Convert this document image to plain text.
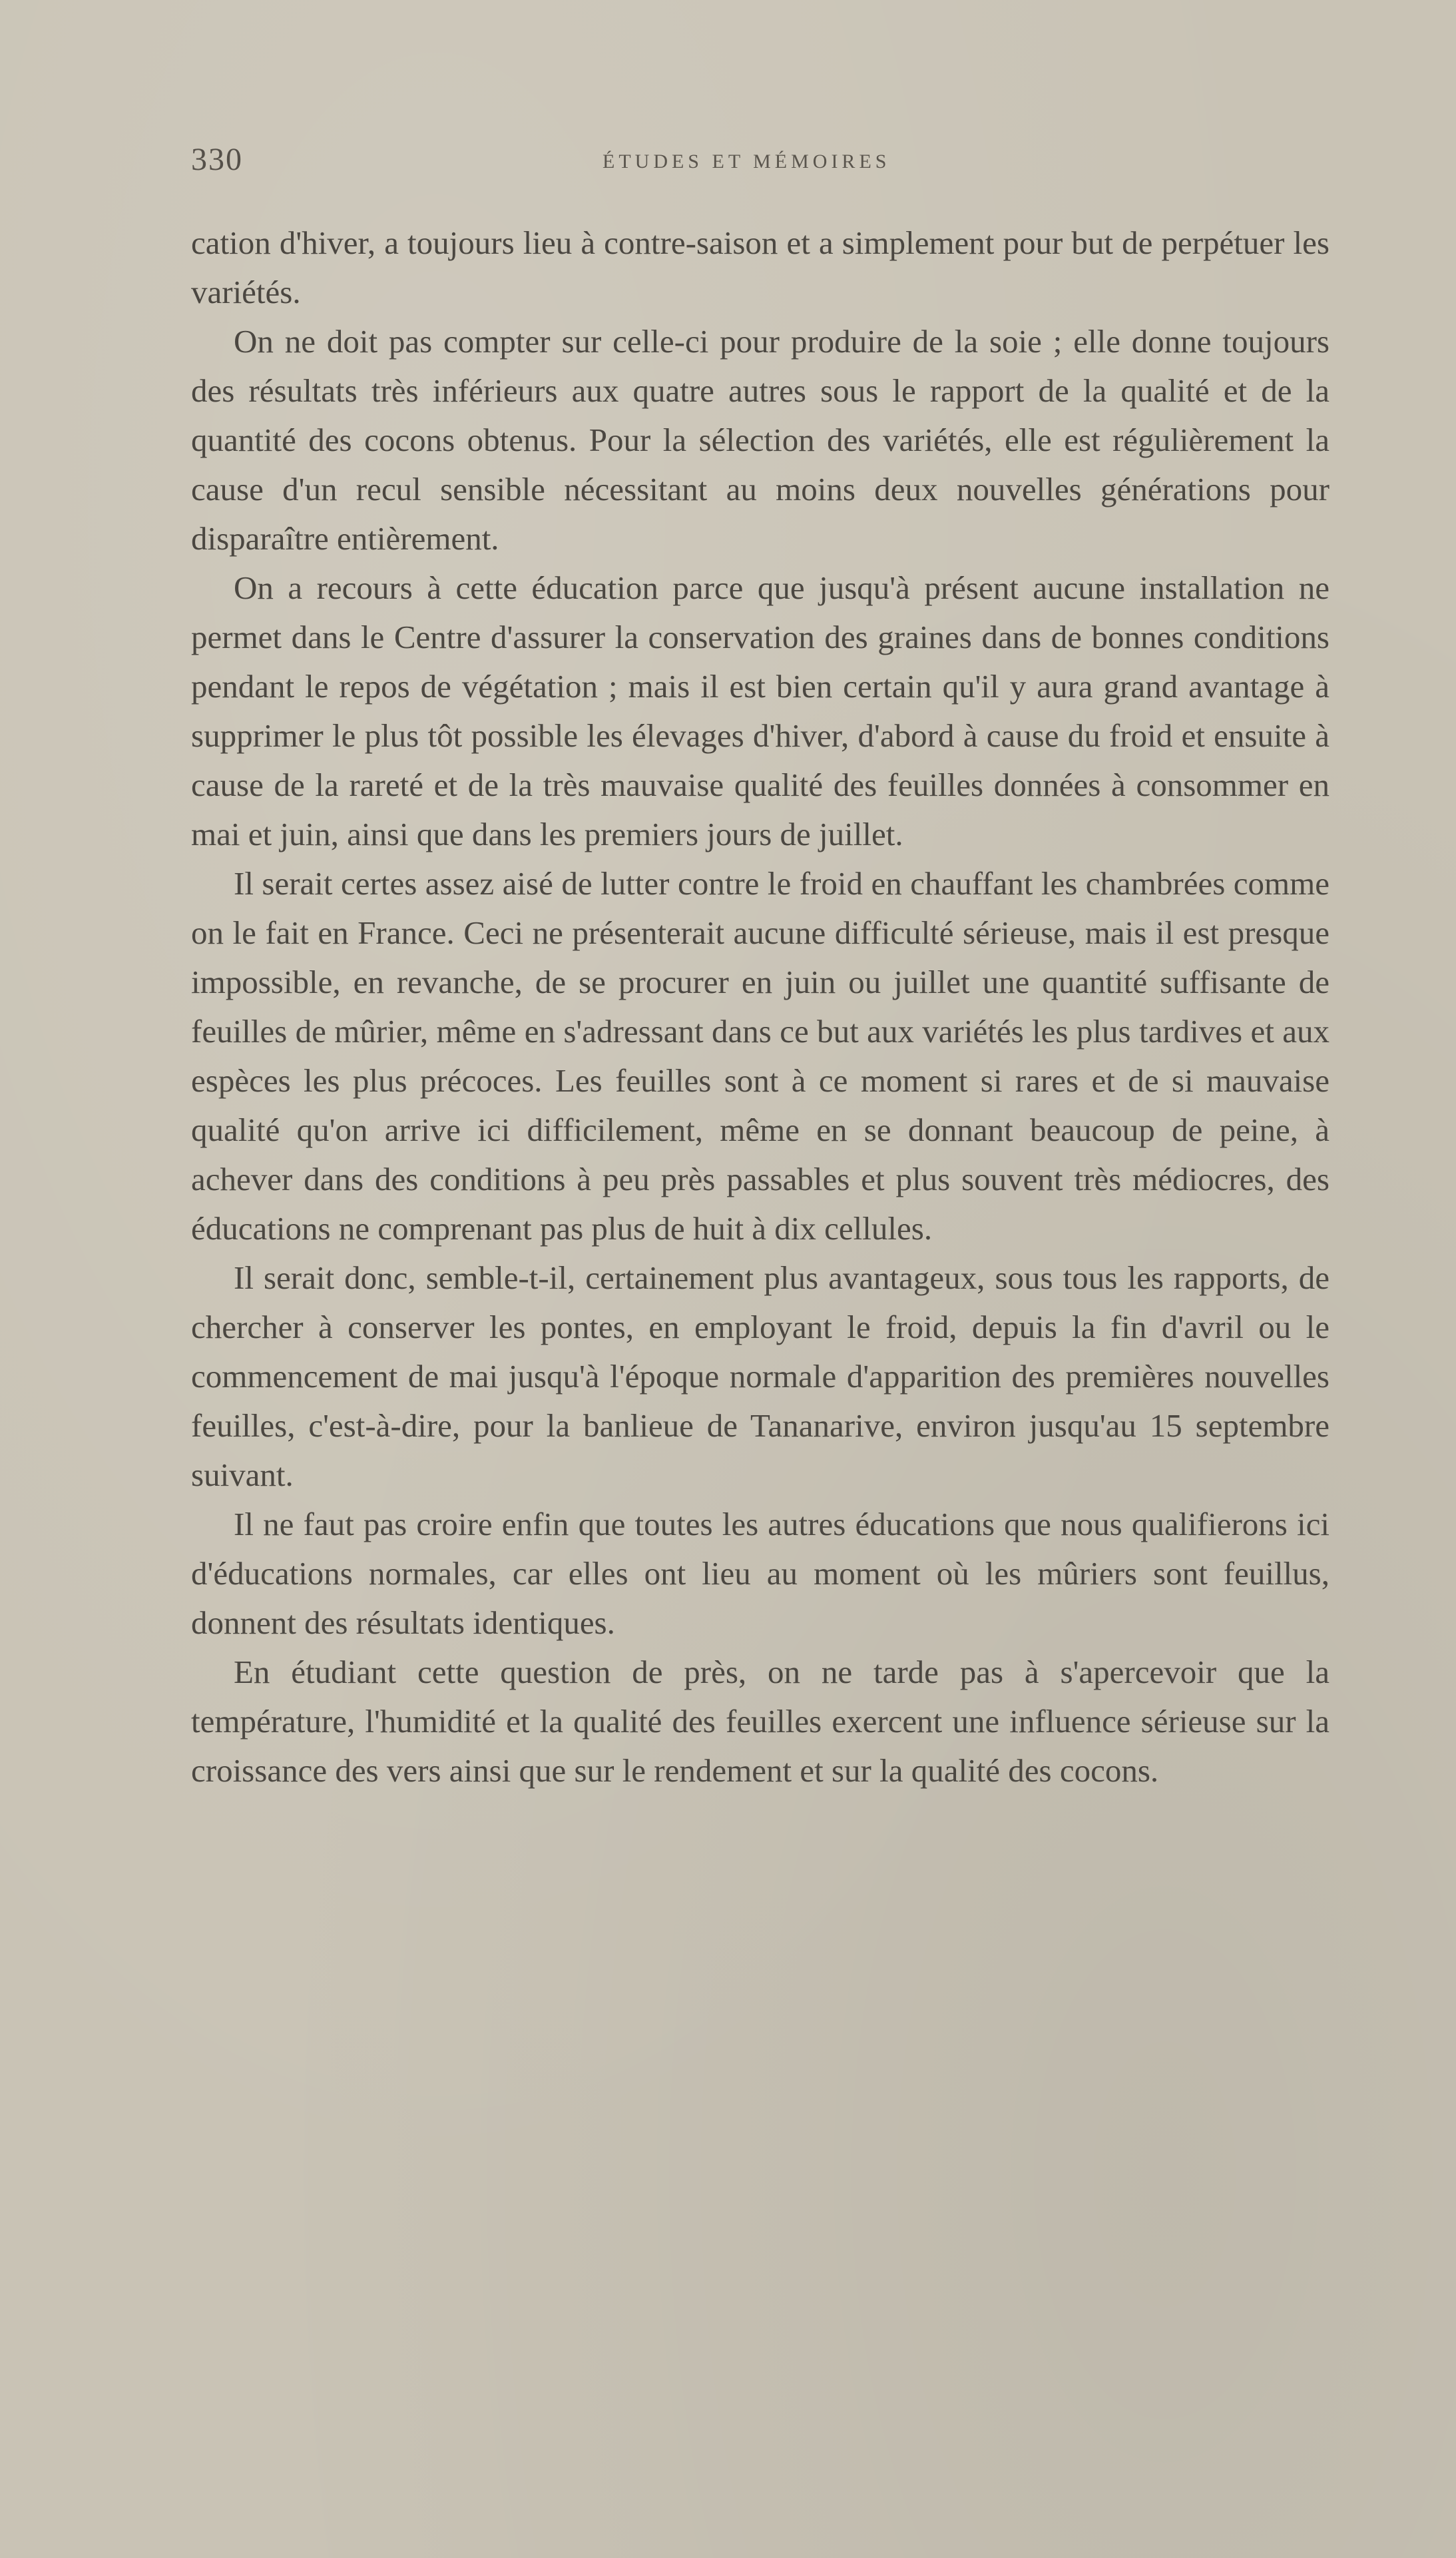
330	ÉTUDES ET MÉMOIRES

cation d'hiver, a toujours lieu à contre-saison et a simplement pour but de perpétuer les variétés.

On ne doit pas compter sur celle-ci pour produire de la soie ; elle donne toujours des résultats très inférieurs aux quatre autres sous le rapport de la qualité et de la quantité des cocons obtenus. Pour la sélection des variétés, elle est régulièrement la cause d'un recul sensible nécessitant au moins deux nouvelles générations pour disparaître entièrement.

On a recours à cette éducation parce que jusqu'à présent aucune installation ne permet dans le Centre d'assurer la conservation des graines dans de bonnes conditions pendant le repos de végétation ; mais il est bien certain qu'il y aura grand avantage à supprimer le plus tôt possible les élevages d'hiver, d'abord à cause du froid et ensuite à cause de la rareté et de la très mauvaise qualité des feuilles données à consommer en mai et juin, ainsi que dans les premiers jours de juillet.

Il serait certes assez aisé de lutter contre le froid en chauffant les chambrées comme on le fait en France. Ceci ne présenterait aucune difficulté sérieuse, mais il est presque impossible, en revanche, de se procurer en juin ou juillet une quantité suffisante de feuilles de mûrier, même en s'adressant dans ce but aux variétés les plus tardives et aux espèces les plus précoces. Les feuilles sont à ce moment si rares et de si mauvaise qualité qu'on arrive ici difficilement, même en se donnant beaucoup de peine, à achever dans des conditions à peu près passables et plus souvent très médiocres, des éducations ne comprenant pas plus de huit à dix cellules.

Il serait donc, semble-t-il, certainement plus avantageux, sous tous les rapports, de chercher à conserver les pontes, en employant le froid, depuis la fin d'avril ou le commencement de mai jusqu'à l'époque normale d'apparition des premières nouvelles feuilles, c'est-à-dire, pour la banlieue de Tananarive, environ jusqu'au 15 septembre suivant.

Il ne faut pas croire enfin que toutes les autres éducations que nous qualifierons ici d'éducations normales, car elles ont lieu au moment où les mûriers sont feuillus, donnent des résultats identiques.

En étudiant cette question de près, on ne tarde pas à s'apercevoir que la température, l'humidité et la qualité des feuilles exercent une influence sérieuse sur la croissance des vers ainsi que sur le rendement et sur la qualité des cocons.
